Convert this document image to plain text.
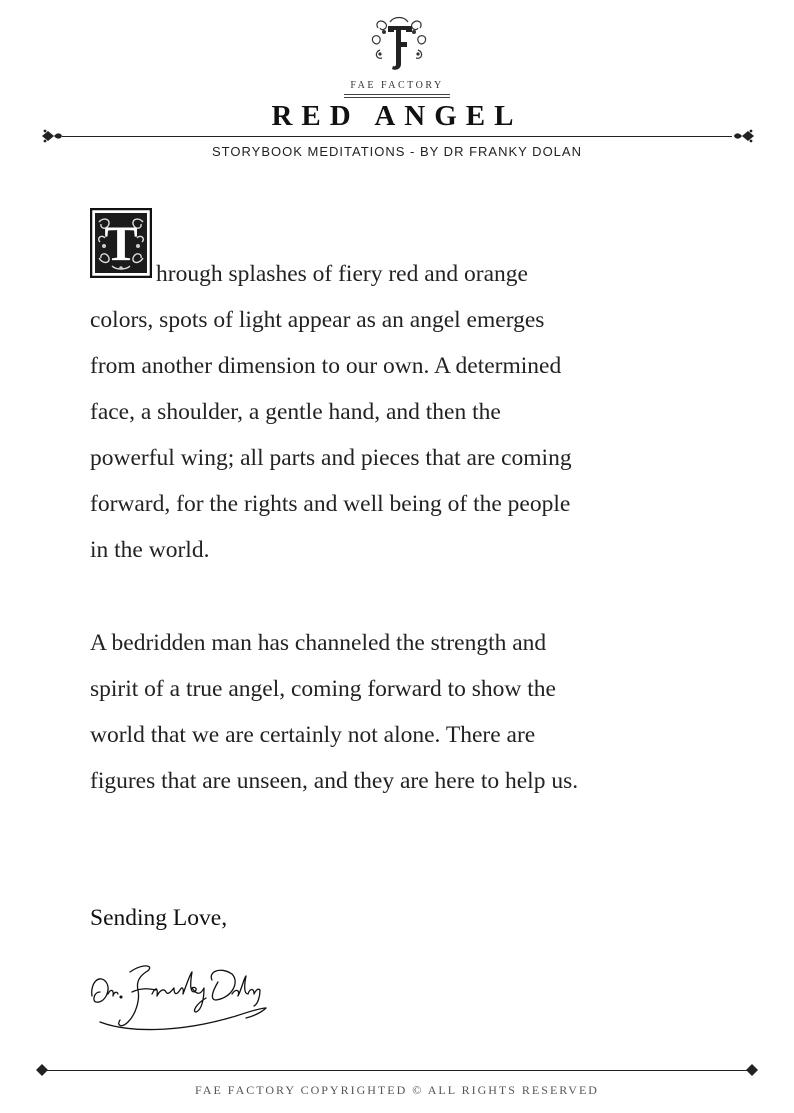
FAE FACTORY
RED ANGEL
STORYBOOK MEDITATIONS - BY DR FRANKY DOLAN
T

hrough splashes of fiery red and orange
colors, spots of light appear as an angel emerges
from another dimension to our own. A determined
face, a shoulder, a gentle hand, and then the
powerful wing; all parts and pieces that are coming
forward, for the rights and well being of the people
in the world.

A bedridden man has channeled the strength and
spirit of a true angel, coming forward to show the
world that we are certainly not alone. There are
figures that are unseen, and they are here to help us.

Sending Love,
FAE FACTORY COPYRIGHTED © ALL RIGHTS RESERVED
